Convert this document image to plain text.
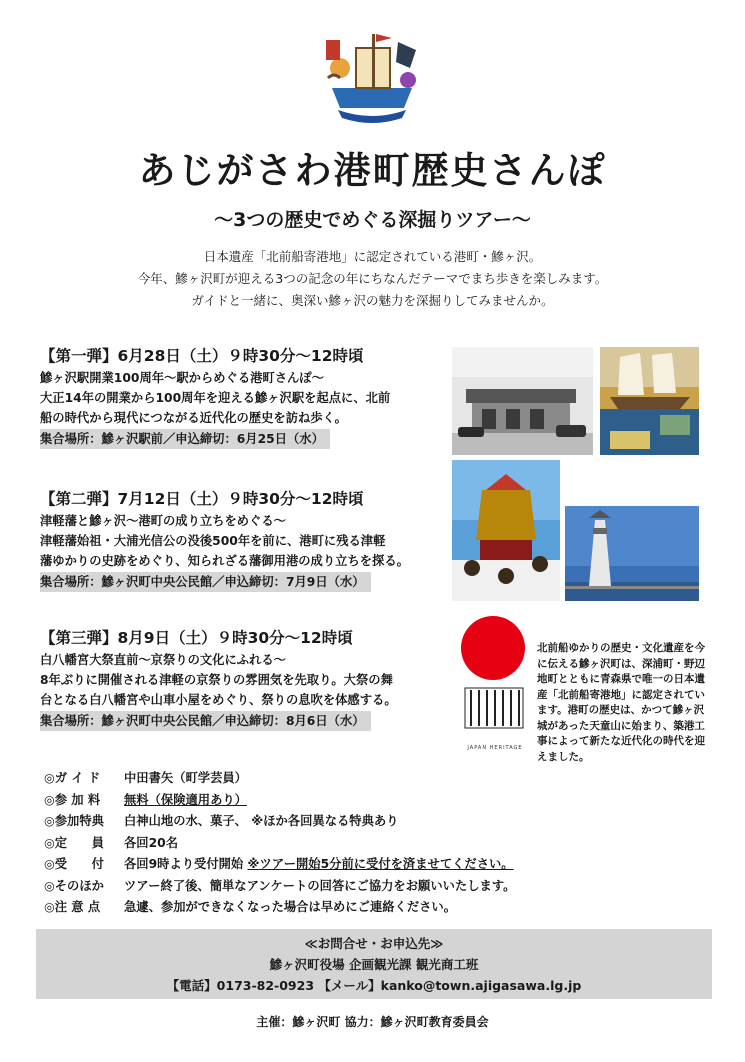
あじがさわ港町歴史さんぽ
～3つの歴史でめぐる深掘りツアー～
日本遺産「北前船寄港地」に認定されている港町・鰺ヶ沢。
今年、鰺ヶ沢町が迎える3つの記念の年にちなんだテーマでまち歩きを楽しみます。
ガイドと一緒に、奥深い鰺ヶ沢の魅力を深掘りしてみませんか。
【第一弾】6月28日（土）９時30分～12時頃
鰺ヶ沢駅開業100周年～駅からめぐる港町さんぽ～
大正14年の開業から100周年を迎える鰺ヶ沢駅を起点に、北前
船の時代から現代につながる近代化の歴史を訪ね歩く。
集合場所：鰺ヶ沢駅前／申込締切：6月25日（水）
【第二弾】7月12日（土）９時30分～12時頃
津軽藩と鰺ヶ沢～港町の成り立ちをめぐる～
津軽藩始祖・大浦光信公の没後500年を前に、港町に残る津軽
藩ゆかりの史跡をめぐり、知られざる藩御用港の成り立ちを探る。
集合場所：鰺ヶ沢町中央公民館／申込締切：7月9日（水）
【第三弾】8月9日（土）９時30分～12時頃
白八幡宮大祭直前～京祭りの文化にふれる～
8年ぶりに開催される津軽の京祭りの雰囲気を先取り。大祭の舞
台となる白八幡宮や山車小屋をめぐり、祭りの息吹を体感する。
集合場所：鰺ヶ沢町中央公民館／申込締切：8月6日（水）
JAPAN HERITAGE
北前船ゆかりの歴史・文化遺産を今に伝える鰺ヶ沢町は、深浦町・野辺地町とともに青森県で唯一の日本遺産「北前船寄港地」に認定されています。港町の歴史は、かつて鰺ヶ沢城があった天童山に始まり、築港工事によって新たな近代化の時代を迎えました。
◎ガ イ ド 中田書矢（町学芸員）
◎参 加 料 無料（保険適用あり）
◎参加特典 白神山地の水、菓子、 ※ほか各回異なる特典あり
◎定　　員 各回20名
◎受　　付 各回9時より受付開始 ※ツアー開始5分前に受付を済ませてください。
◎そのほか ツアー終了後、簡単なアンケートの回答にご協力をお願いいたします。
◎注 意 点 急遽、参加ができなくなった場合は早めにご連絡ください。
≪お問合せ・お申込先≫
鰺ヶ沢町役場 企画観光課 観光商工班
【電話】0173-82-0923 【メール】kanko@town.ajigasawa.lg.jp
主催：鰺ヶ沢町 協力：鰺ヶ沢町教育委員会
